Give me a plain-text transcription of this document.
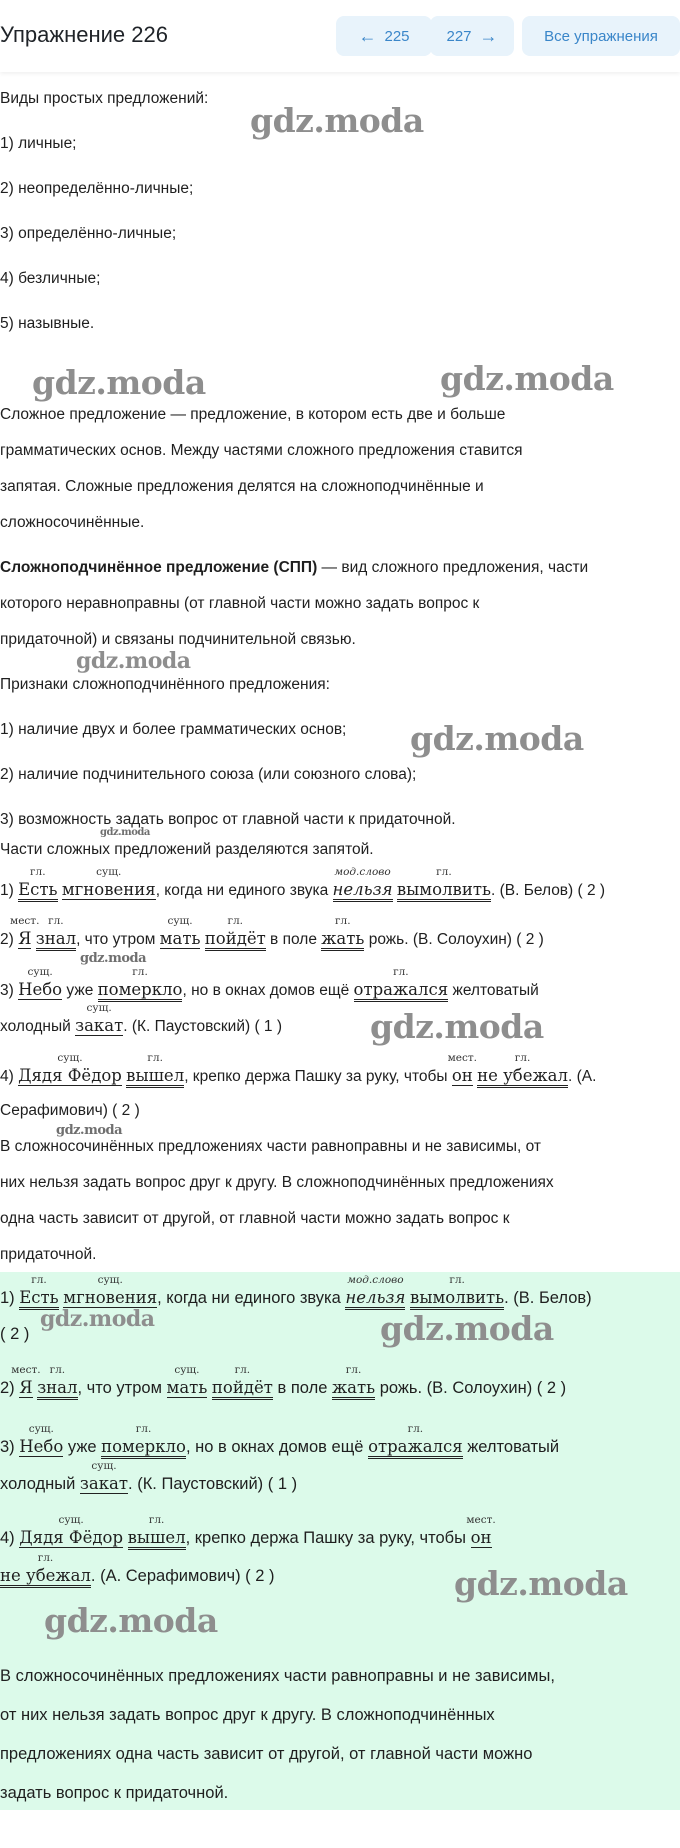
Упражнение 226	← 225 227 →	Все упражнения
Виды простых предложений:
1) личные;
2) неопределённо-личные;
3) определённо-личные;
4) безличные;
5) назывные.
Сложное предложение — предложение, в котором есть две и больше
грамматических основ. Между частями сложного предложения ставится
запятая. Сложные предложения делятся на сложноподчинённые и
сложносочинённые.
Сложноподчинённое предложение (СПП) — вид сложного предложения, части
которого неравноправны (от главной части можно задать вопрос к
придаточной) и связаны подчинительной связью.
Признаки сложноподчинённого предложения:
1) наличие двух и более грамматических основ;
2) наличие подчинительного союза (или союзного слова);
3) возможность задать вопрос от главной части к придаточной.
Части сложных предложений разделяются запятой.
1)
гл.
Есть
сущ.
мгновения, когда ни единого звука
мод.слово
нельзя
гл.
вымолвить. (В. Белов) ( 2 )
2)
мест.
Я
гл.
знал, что утром
сущ.
мать
гл.
пойдёт в поле
гл.
жать рожь. (В. Солоухин) ( 2 )
3)
сущ.
Небо уже
гл.
померкло, но в окнах домов ещё
гл.
отражался желтоватый
холодный
сущ.
закат. (К. Паустовский) ( 1 )
4)
сущ.
Дядя Фёдор
гл.
вышел, крепко держа Пашку за руку, чтобы
мест.
он
гл.
не убежал. (А.
Серафимович) ( 2 )
В сложносочинённых предложениях части равноправны и не зависимы, от
них нельзя задать вопрос друг к другу. В сложноподчинённых предложениях
одна часть зависит от другой, от главной части можно задать вопрос к
придаточной.
1)
гл.
Есть
сущ.
мгновения, когда ни единого звука
мод.слово
нельзя
гл.
вымолвить. (В. Белов)
( 2 )
2)
мест.
Я
гл.
знал, что утром
сущ.
мать
гл.
пойдёт в поле
гл.
жать рожь. (В. Солоухин) ( 2 )
3)
сущ.
Небо уже
гл.
померкло, но в окнах домов ещё
гл.
отражался желтоватый
холодный
сущ.
закат. (К. Паустовский) ( 1 )
4)
сущ.
Дядя Фёдор
гл.
вышел, крепко держа Пашку за руку, чтобы
мест.
он
гл.
не убежал. (А. Серафимович) ( 2 )
В сложносочинённых предложениях части равноправны и не зависимы,
от них нельзя задать вопрос друг к другу. В сложноподчинённых
предложениях одна часть зависит от другой, от главной части можно
задать вопрос к придаточной.
gdz.moda
gdz.moda	gdz.moda
gdz.moda
gdz.moda
gdz.moda
gdz.moda
gdz.moda
gdz.moda
gdz.moda	gdz.moda
gdz.moda
gdz.moda
